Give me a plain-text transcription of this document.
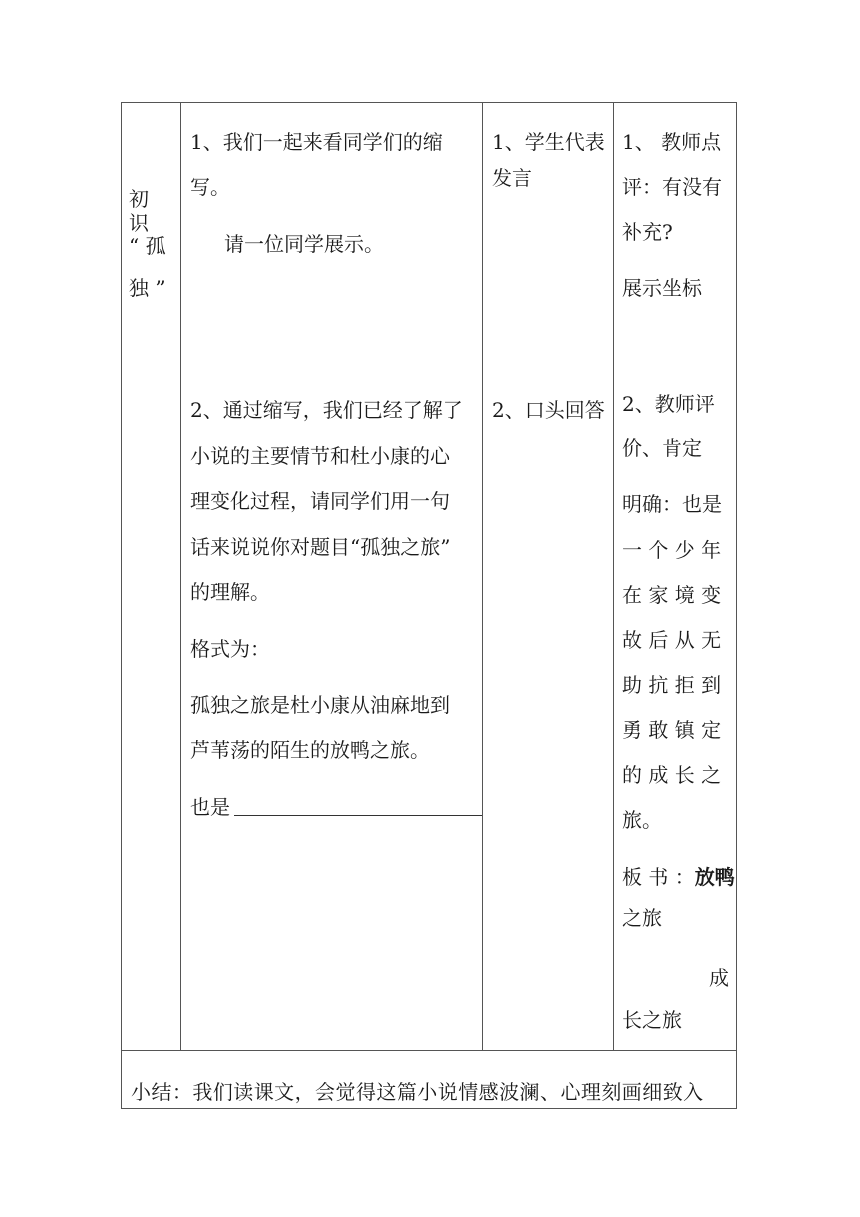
初 识
“ 孤
独 ”
1、我们一起来看同学们的缩
写。
请一位同学展示。
2、通过缩写，我们已经了解了
小说的主要情节和杜小康的心
理变化过程，请同学们用一句
话来说说你对题目“孤独之旅”
的理解。
格式为：
孤独之旅是杜小康从油麻地到
芦苇荡的陌生的放鸭之旅。
也是
1、学生代表
发言
2、口头回答
1、 教师点
评：有没有
补充?
展示坐标
2、教师评
价、肯定
明确：也是
一 个 少 年
在 家 境 变
故 后 从 无
助 抗 拒 到
勇 敢 镇 定
的 成 长 之
旅。
板 书 ：放鸭
之旅
成
长之旅
小结：我们读课文，会觉得这篇小说情感波澜、心理刻画细致入
